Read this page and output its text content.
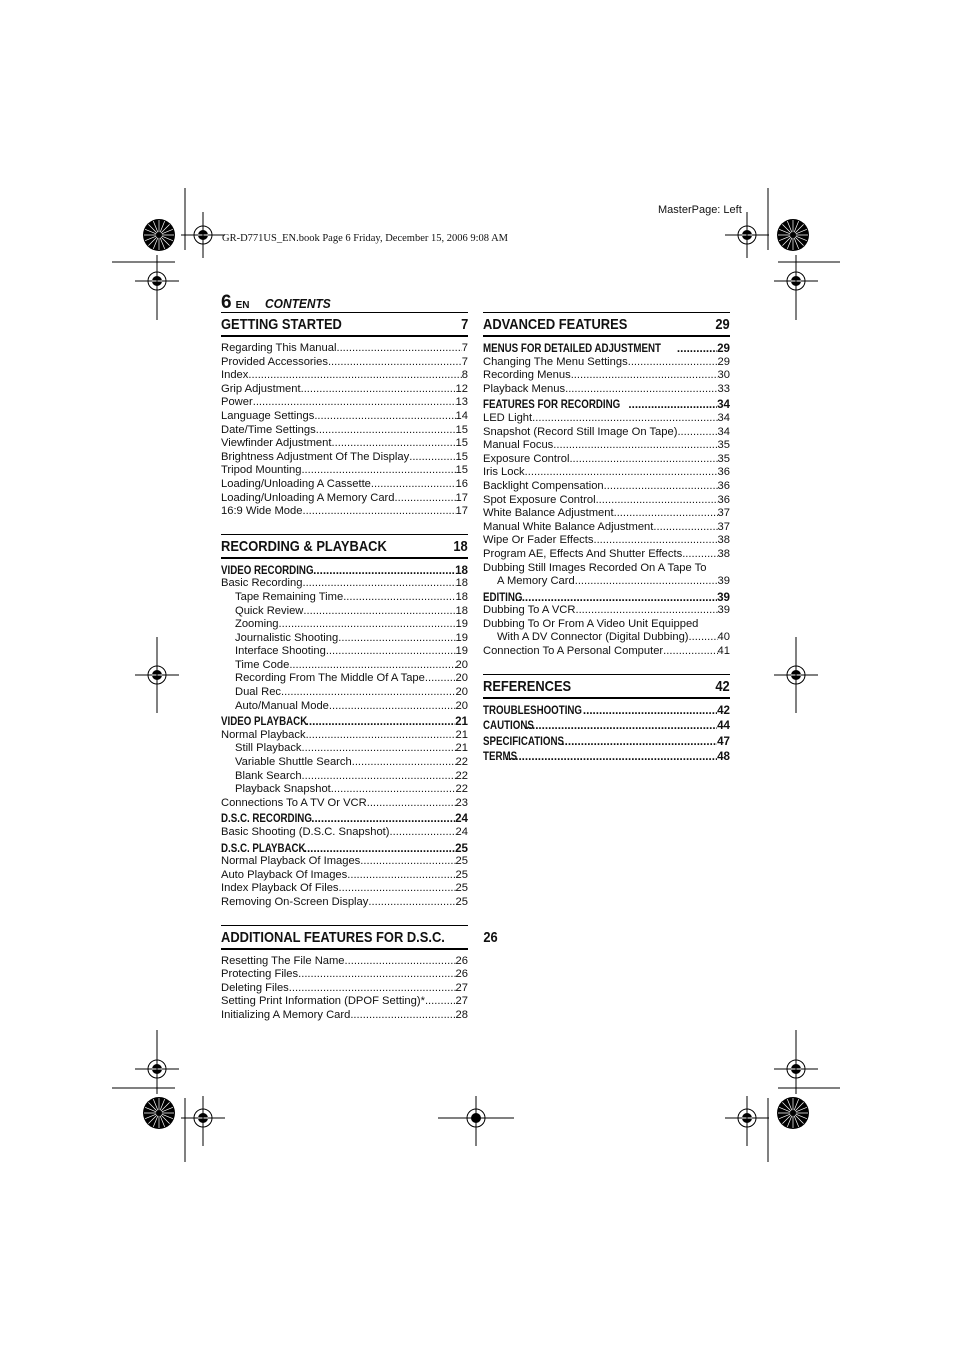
MasterPage: Left
GR-D771US_EN.book Page 6 Friday, December 15, 2006 9:08 AM
6 EN CONTENTS
GETTING STARTED	7
Regarding This Manual .....	7
Provided Accessories .....	7
Index .....	8
Grip Adjustment .....	12
Power .....	13
Language Settings .....	14
Date/Time Settings .....	15
Viewfinder Adjustment .....	15
Brightness Adjustment Of The Display .....	15
Tripod Mounting .....	15
Loading/Unloading A Cassette .....	16
Loading/Unloading A Memory Card .....	17
16:9 Wide Mode .....	17
RECORDING & PLAYBACK	18
VIDEO RECORDING .....	18
Basic Recording .....	18
Tape Remaining Time .....	18
Quick Review .....	18
Zooming .....	19
Journalistic Shooting .....	19
Interface Shooting .....	19
Time Code .....	20
Recording From The Middle Of A Tape .....	20
Dual Rec. .....	20
Auto/Manual Mode .....	20
VIDEO PLAYBACK .....	21
Normal Playback .....	21
Still Playback .....	21
Variable Shuttle Search .....	22
Blank Search .....	22
Playback Snapshot .....	22
Connections To A TV Or VCR .....	23
D.S.C. RECORDING .....	24
Basic Shooting (D.S.C. Snapshot) .....	24
D.S.C. PLAYBACK .....	25
Normal Playback Of Images .....	25
Auto Playback Of Images .....	25
Index Playback Of Files .....	25
Removing On-Screen Display .....	25
ADDITIONAL FEATURES FOR D.S.C.	26
Resetting The File Name .....	26
Protecting Files .....	26
Deleting Files .....	27
Setting Print Information (DPOF Setting)* .....	27
Initializing A Memory Card .....	28
ADVANCED FEATURES	29
MENUS FOR DETAILED ADJUSTMENT .....	29
Changing The Menu Settings .....	29
Recording Menus .....	30
Playback Menus .....	33
FEATURES FOR RECORDING .....	34
LED Light .....	34
Snapshot (Record Still Image On Tape) .....	34
Manual Focus .....	35
Exposure Control .....	35
Iris Lock .....	36
Backlight Compensation .....	36
Spot Exposure Control .....	36
White Balance Adjustment .....	37
Manual White Balance Adjustment .....	37
Wipe Or Fader Effects .....	38
Program AE, Effects And Shutter Effects .....	38
Dubbing Still Images Recorded On A Tape To
A Memory Card .....	39
EDITING .....	39
Dubbing To A VCR .....	39
Dubbing To Or From A Video Unit Equipped
With A DV Connector (Digital Dubbing) .....	40
Connection To A Personal Computer .....	41
REFERENCES	42
TROUBLESHOOTING .....	42
CAUTIONS .....	44
SPECIFICATIONS .....	47
TERMS .....	48
